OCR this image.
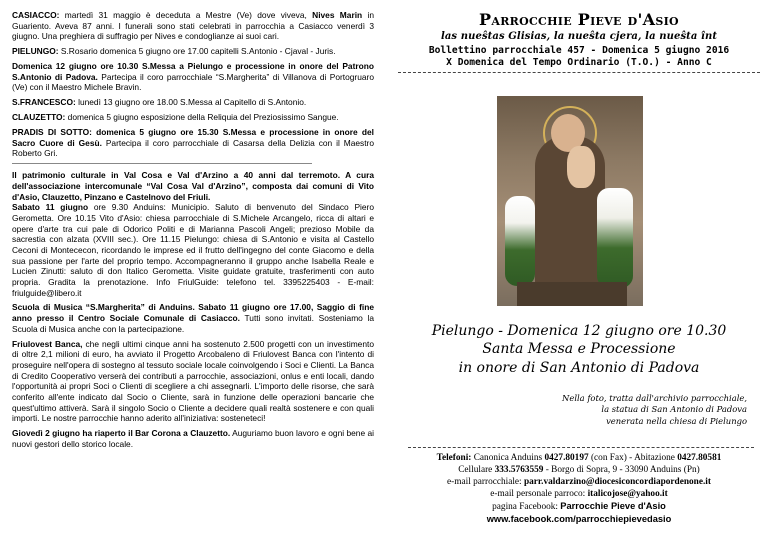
CASIACCO: martedì 31 maggio è deceduta a Mestre (Ve) dove viveva, Nives Marin in Guariento. Aveva 87 anni. I funerali sono stati celebrati in parrocchia a Casiacco venerdì 3 giugno. Una preghiera di suffragio per Nives e condoglianze ai suoi cari.

PIELUNGO: S.Rosario domenica 5 giugno ore 17.00 capitelli S.Antonio - Cjaval - Juris.

Domenica 12 giugno ore 10.30 S.Messa a Pielungo e processione in onore del Patrono S.Antonio di Padova. Partecipa il coro parrocchiale “S.Margherita” di Villanova di Portogruaro (Ve) con il Maestro Michele Bravin.

S.FRANCESCO: lunedì 13 giugno ore 18.00 S.Messa al Capitello di S.Antonio.

CLAUZETTO: domenica 5 giugno esposizione della Reliquia del Preziosissimo Sangue.

PRADIS DI SOTTO: domenica 5 giugno ore 15.30 S.Messa e processione in onore del Sacro Cuore di Gesù. Partecipa il coro parrocchiale di Casarsa della Delizia con il Maestro Roberto Gri.

Il patrimonio culturale in Val Cosa e Val d'Arzino a 40 anni dal terremoto. A cura dell'associazione intercomunale “Val Cosa Val d'Arzino”, composta dai comuni di Vito d'Asio, Clauzetto, Pinzano e Castelnovo del Friuli.
Sabato 11 giugno ore 9.30 Anduins: Municipio. Saluto di benvenuto del Sindaco Piero Gerometta. Ore 10.15 Vito d'Asio: chiesa parrocchiale di S.Michele Arcangelo, ricca di altari e opere d'arte tra cui pale di Odorico Politi e di Marianna Pascoli Angeli; prezioso Mobile da sacrestia con alzata (XVIII sec.). Ore 11.15 Pielungo: chiesa di S.Antonio e visita al Castello Ceconi di Montececon, ricordando le imprese ed il frutto dell'ingegno del conte Giacomo e della sua passione per l'arte del proprio tempo. Accompagneranno il gruppo anche Isabella Reale e Lucien Zinutti: saluto di don Italico Gerometta. Visite guidate gratuite, trasferimenti con auto propria. Gradita la prenotazione. Info FriulGuide: telefono tel. 3395225403 - E-mail: friulguide@libero.it

Scuola di Musica “S.Margherita” di Anduins. Sabato 11 giugno ore 17.00, Saggio di fine anno presso il Centro Sociale Comunale di Casiacco. Tutti sono invitati. Sosteniamo la Scuola di Musica anche con la partecipazione.

Friulovest Banca, che negli ultimi cinque anni ha sostenuto 2.500 progetti con un investimento di oltre 2,1 milioni di euro, ha avviato il Progetto Arcobaleno di Friulovest Banca con l'intento di proseguire nell'opera di sostegno al tessuto sociale locale coinvolgendo i Soci e Clienti. La Banca di Credito Cooperativo verserà dei contributi a parrocchie, associazioni, onlus e enti locali, dando l'opportunità ai propri Soci o Clienti di scegliere a chi assegnarli. L'importo delle risorse, che sarà conferito all'ente indicato dal Socio o Cliente, sarà in funzione delle operazioni bancarie che quest'ultimo attiverà. Sarà il singolo Socio o Cliente a decidere quali realtà sostenere e con quali importi. Le nostre parrocchie hanno aderito all'iniziativa: sosteneteci!

Giovedì 2 giugno ha riaperto il Bar Corona a Clauzetto. Auguriamo buon lavoro e ogni bene ai nuovi gestori dello storico locale.

Parrocchie Pieve d'Asio

las nueŝtas Glisias, la nueŝta cjera, la nueŝta înt

Bollettino parrocchiale 457 - Domenica 5 giugno 2016

X Domenica del Tempo Ordinario (T.O.) - Anno C

Pielungo - Domenica 12 giugno ore 10.30

Santa Messa e Processione

in onore di San Antonio di Padova

Nella foto, tratta dall'archivio parrocchiale,

la statua di San Antonio di Padova

venerata nella chiesa di Pielungo

Telefoni: Canonica Anduins 0427.80197 (con Fax) - Abitazione 0427.80581

Cellulare 333.5763559 - Borgo di Sopra, 9 - 33090 Anduins (Pn)

e-mail parrocchiale: parr.valdarzino@diocesiconcordiapordenone.it

e-mail personale parroco: italicojose@yahoo.it

pagina Facebook: Parrocchie Pieve d'Asio

www.facebook.com/parrocchiepievedasio
